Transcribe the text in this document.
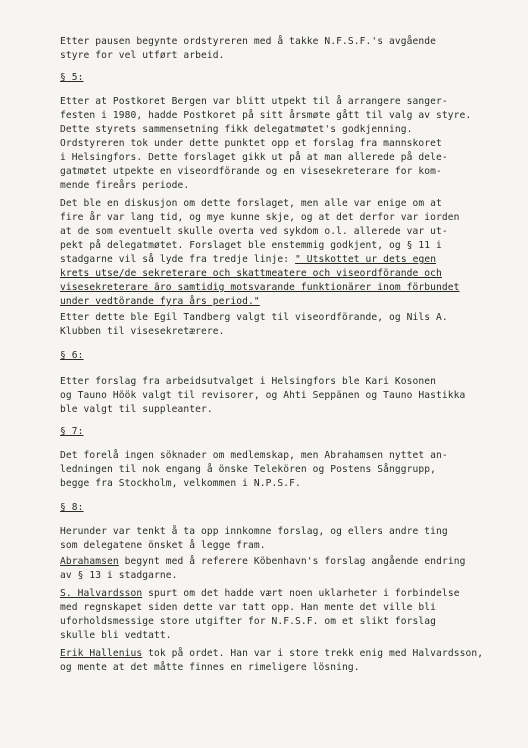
Etter pausen begynte ordstyreren med å takke N.F.S.F.'s avgående
styre for vel utført arbeid.
§ 5:
Etter at Postkoret Bergen var blitt utpekt til å arrangere sanger-
festen i 1980, hadde Postkoret på sitt årsmøte gått til valg av styre.
Dette styrets sammensetning fikk delegatmøtet's godkjenning.
Ordstyreren tok under dette punktet opp et forslag fra mannskoret
i Helsingfors. Dette forslaget gikk ut på at man allerede på dele-
gatmøtet utpekte en viseordförande og en visesekreterare for kom-
mende fireårs periode.
Det ble en diskusjon om dette forslaget, men alle var enige om at
fire år var lang tid, og mye kunne skje, og at det derfor var iorden
at de som eventuelt skulle overta ved sykdom o.l. allerede var ut-
pekt på delegatmøtet. Forslaget ble enstemmig godkjent, og § 11 i
stadgarne vil så lyde fra tredje linje: " Utskottet ur dets egen
krets utse/de sekreterare och skattmeatere och viseordförande och
visesekreterare äro samtidig motsvarande funktionärer inom förbundet
under vedtörande fyra års period."
Etter dette ble Egil Tandberg valgt til viseordförande, og Nils A.
Klubben til visesekretærere.
§ 6:
Etter forslag fra arbeidsutvalget i Helsingfors ble Kari Kosonen
og Tauno Höök valgt til revisorer, og Ahti Seppänen og Tauno Hastikka
ble valgt til suppleanter.
§ 7:
Det forelå ingen söknader om medlemskap, men Abrahamsen nyttet an-
ledningen til nok engang å önske Telekören og Postens Sånggrupp,
begge fra Stockholm, velkommen i N.P.S.F.
§ 8:
Herunder var tenkt å ta opp innkomne forslag, og ellers andre ting
som delegatene önsket å legge fram.
Abrahamsen begynt med å referere Köbenhavn's forslag angående endring
av § 13 i stadgarne.
S. Halvardsson spurt om det hadde vært noen uklarheter i forbindelse
med regnskapet siden dette var tatt opp. Han mente det ville bli
uforholdsmessige store utgifter for N.F.S.F. om et slikt forslag
skulle bli vedtatt.
Erik Hallenius tok på ordet. Han var i store trekk enig med Halvardsson,
og mente at det måtte finnes en rimeligere lösning.
